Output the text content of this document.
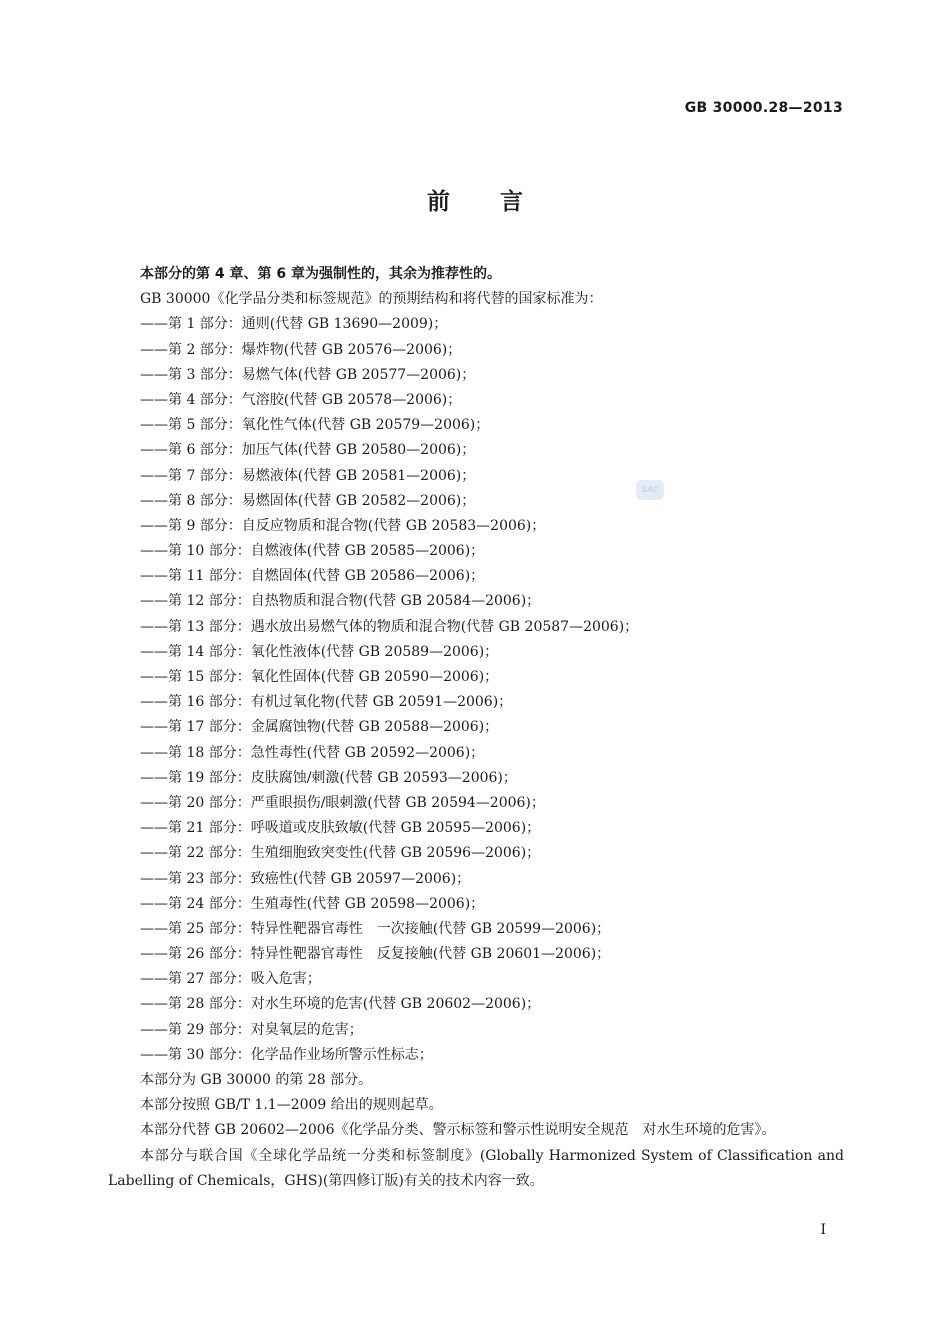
GB 30000.28—2013
前言
SAC
本部分的第 4 章、第 6 章为强制性的，其余为推荐性的。
GB 30000《化学品分类和标签规范》的预期结构和将代替的国家标准为：
——第 1 部分：通则(代替 GB 13690—2009)；
——第 2 部分：爆炸物(代替 GB 20576—2006)；
——第 3 部分：易燃气体(代替 GB 20577—2006)；
——第 4 部分：气溶胶(代替 GB 20578—2006)；
——第 5 部分：氧化性气体(代替 GB 20579—2006)；
——第 6 部分：加压气体(代替 GB 20580—2006)；
——第 7 部分：易燃液体(代替 GB 20581—2006)；
——第 8 部分：易燃固体(代替 GB 20582—2006)；
——第 9 部分：自反应物质和混合物(代替 GB 20583—2006)；
——第 10 部分：自燃液体(代替 GB 20585—2006)；
——第 11 部分：自燃固体(代替 GB 20586—2006)；
——第 12 部分：自热物质和混合物(代替 GB 20584—2006)；
——第 13 部分：遇水放出易燃气体的物质和混合物(代替 GB 20587—2006)；
——第 14 部分：氧化性液体(代替 GB 20589—2006)；
——第 15 部分：氧化性固体(代替 GB 20590—2006)；
——第 16 部分：有机过氧化物(代替 GB 20591—2006)；
——第 17 部分：金属腐蚀物(代替 GB 20588—2006)；
——第 18 部分：急性毒性(代替 GB 20592—2006)；
——第 19 部分：皮肤腐蚀/刺激(代替 GB 20593—2006)；
——第 20 部分：严重眼损伤/眼刺激(代替 GB 20594—2006)；
——第 21 部分：呼吸道或皮肤致敏(代替 GB 20595—2006)；
——第 22 部分：生殖细胞致突变性(代替 GB 20596—2006)；
——第 23 部分：致癌性(代替 GB 20597—2006)；
——第 24 部分：生殖毒性(代替 GB 20598—2006)；
——第 25 部分：特异性靶器官毒性　一次接触(代替 GB 20599—2006)；
——第 26 部分：特异性靶器官毒性　反复接触(代替 GB 20601—2006)；
——第 27 部分：吸入危害；
——第 28 部分：对水生环境的危害(代替 GB 20602—2006)；
——第 29 部分：对臭氧层的危害；
——第 30 部分：化学品作业场所警示性标志；
本部分为 GB 30000 的第 28 部分。
本部分按照 GB/T 1.1—2009 给出的规则起草。
本部分代替 GB 20602—2006《化学品分类、警示标签和警示性说明安全规范　对水生环境的危害》。
本部分与联合国《全球化学品统一分类和标签制度》(Globally Harmonized System of Classification and Labelling of Chemicals，GHS)(第四修订版)有关的技术内容一致。
Ⅰ
